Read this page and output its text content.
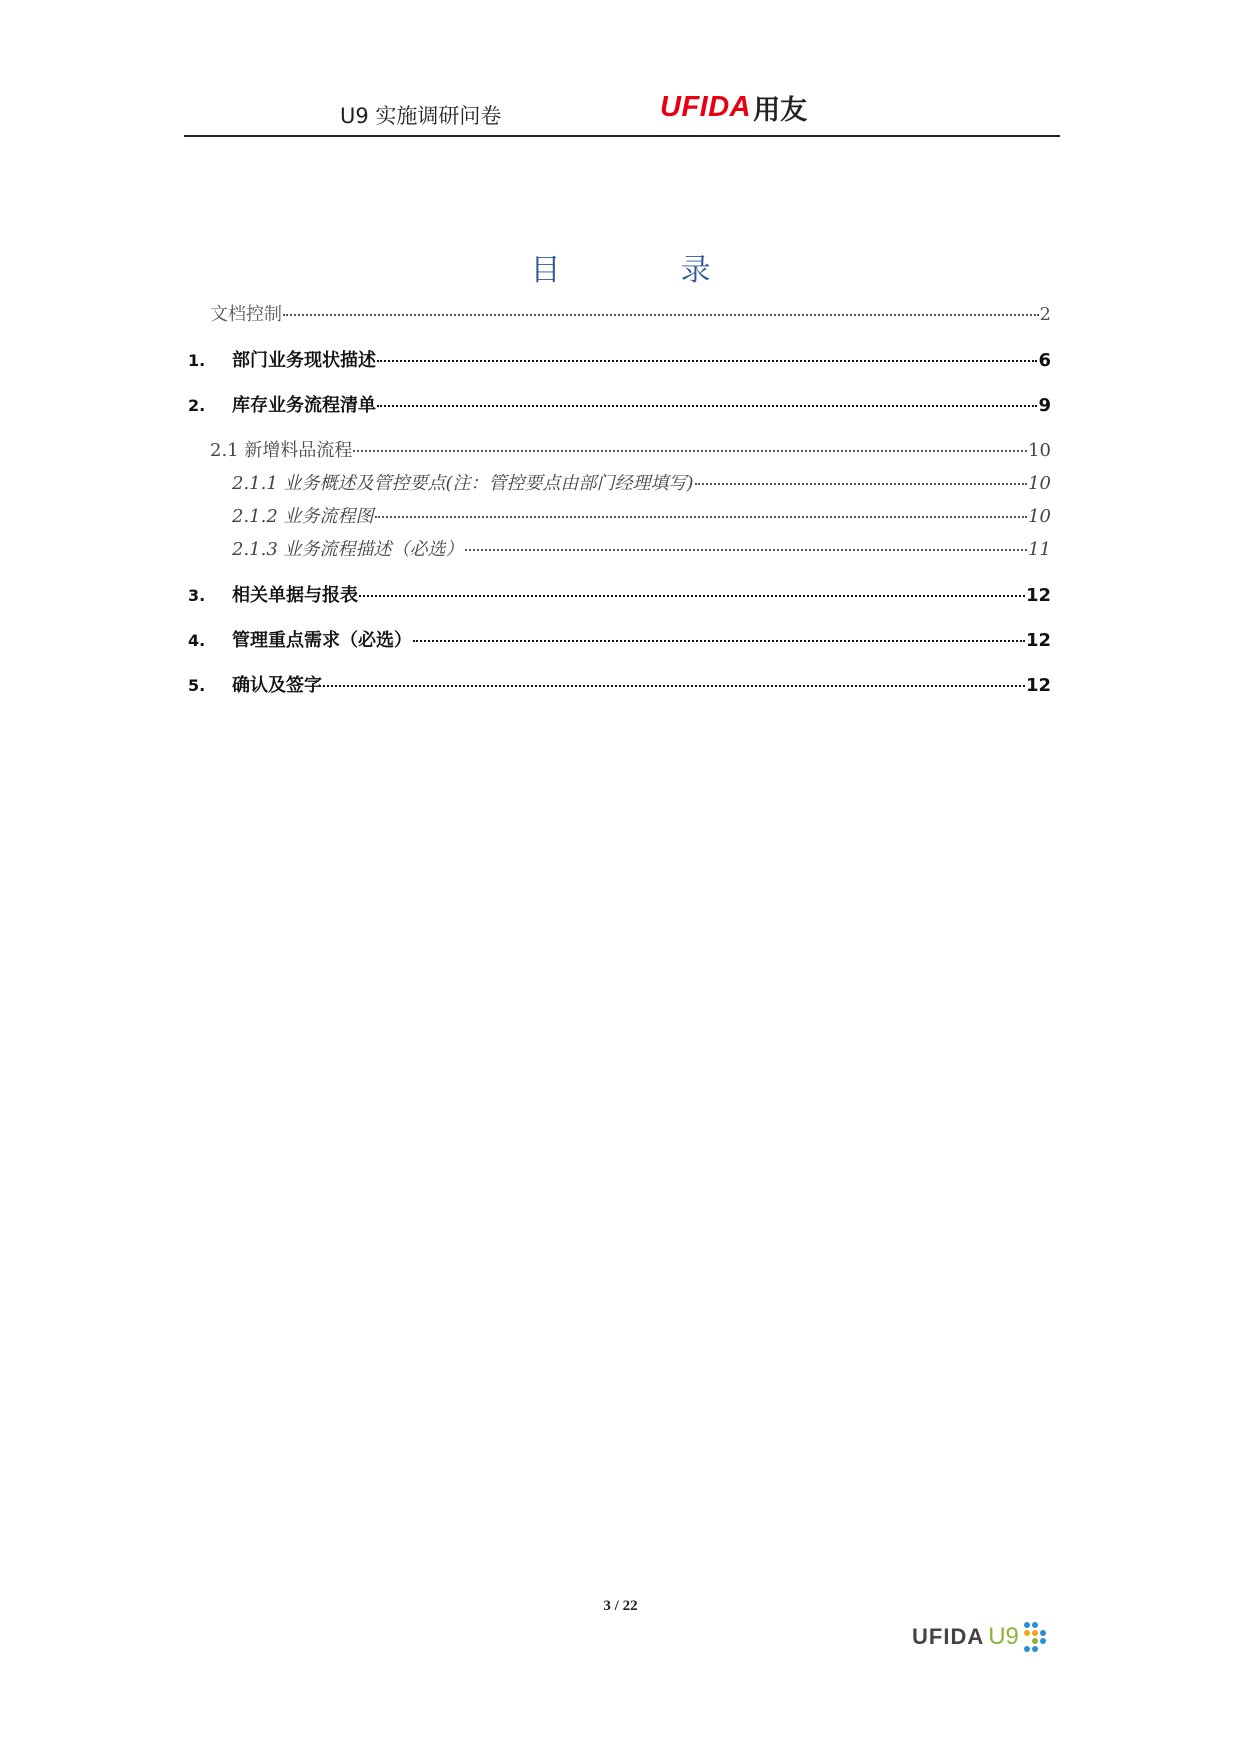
U9 实施调研问卷	UFIDA 用友
目	录
文档控制	2
1.	部门业务现状描述	6
2.	库存业务流程清单	9
2.1 新增料品流程	10
2.1.1 业务概述及管控要点(注：管控要点由部门经理填写)	10
2.1.2 业务流程图	10
2.1.3 业务流程描述（必选）	11
3.	相关单据与报表	12
4.	管理重点需求（必选）	12
5.	确认及签字	12
3 / 22
UFIDA U9
